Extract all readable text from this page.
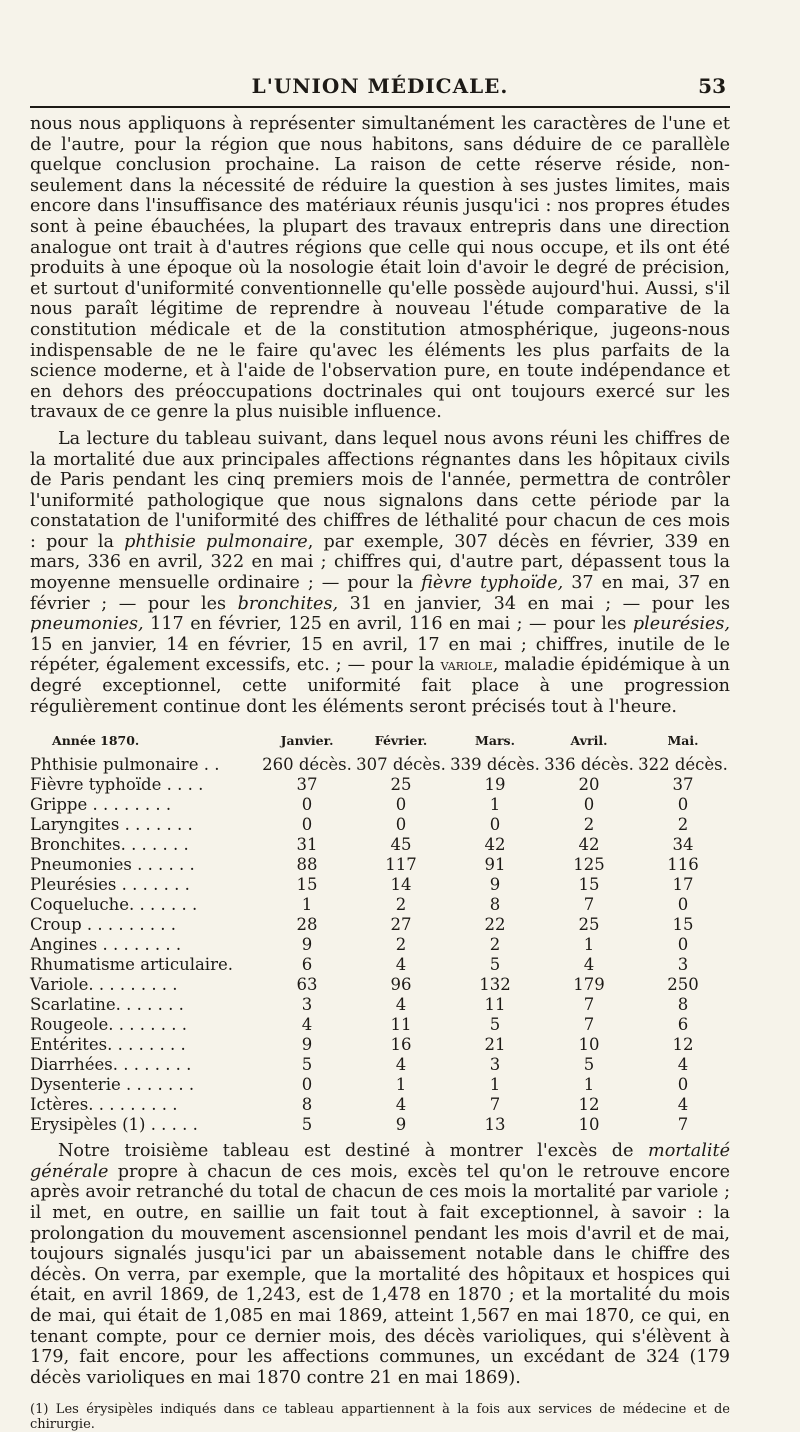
L'UNION MÉDICALE.	53

nous nous appliquons à représenter simultanément les caractères de l'une et de l'autre, pour la région que nous habitons, sans déduire de ce parallèle quelque conclusion prochaine. La raison de cette réserve réside, non-seulement dans la nécessité de réduire la question à ses justes limites, mais encore dans l'insuffisance des matériaux réunis jusqu'ici : nos propres études sont à peine ébauchées, la plupart des travaux entrepris dans une direction analogue ont trait à d'autres régions que celle qui nous occupe, et ils ont été produits à une époque où la nosologie était loin d'avoir le degré de précision, et surtout d'uniformité conventionnelle qu'elle possède aujourd'hui. Aussi, s'il nous paraît légitime de reprendre à nouveau l'étude comparative de la constitution médicale et de la constitution atmosphérique, jugeons-nous indispensable de ne le faire qu'avec les éléments les plus parfaits de la science moderne, et à l'aide de l'observation pure, en toute indépendance et en dehors des préoccupations doctrinales qui ont toujours exercé sur les travaux de ce genre la plus nuisible influence.

La lecture du tableau suivant, dans lequel nous avons réuni les chiffres de la mortalité due aux principales affections régnantes dans les hôpitaux civils de Paris pendant les cinq premiers mois de l'année, permettra de contrôler l'uniformité pathologique que nous signalons dans cette période par la constatation de l'uniformité des chiffres de léthalité pour chacun de ces mois : pour la phthisie pulmonaire, par exemple, 307 décès en février, 339 en mars, 336 en avril, 322 en mai ; chiffres qui, d'autre part, dépassent tous la moyenne mensuelle ordinaire ; — pour la fièvre typhoïde, 37 en mai, 37 en février ; — pour les bronchites, 31 en janvier, 34 en mai ; — pour les pneumonies, 117 en février, 125 en avril, 116 en mai ; — pour les pleurésies, 15 en janvier, 14 en février, 15 en avril, 17 en mai ; chiffres, inutile de le répéter, également excessifs, etc. ; — pour la variole, maladie épidémique à un degré exceptionnel, cette uniformité fait place à une progression régulièrement continue dont les éléments seront précisés tout à l'heure.

Année 1870.	Janvier.	Février.	Mars.	Avril.	Mai.
Phthisie pulmonaire . .	260 décès.	307 décès.	339 décès.	336 décès.	322 décès.
Fièvre typhoïde . . . .	37	25	19	20	37
Grippe . . . . . . . .	0	0	1	0	0
Laryngites . . . . . . .	0	0	0	2	2
Bronchites. . . . . . .	31	45	42	42	34
Pneumonies . . . . . .	88	117	91	125	116
Pleurésies . . . . . . .	15	14	9	15	17
Coqueluche. . . . . . .	1	2	8	7	0
Croup . . . . . . . . .	28	27	22	25	15
Angines . . . . . . . .	9	2	2	1	0
Rhumatisme articulaire.	6	4	5	4	3
Variole. . . . . . . . .	63	96	132	179	250
Scarlatine. . . . . . .	3	4	11	7	8
Rougeole. . . . . . . .	4	11	5	7	6
Entérites. . . . . . . .	9	16	21	10	12
Diarrhées. . . . . . . .	5	4	3	5	4
Dysenterie . . . . . . .	0	1	1	1	0
Ictères. . . . . . . . .	8	4	7	12	4
Erysipèles (1) . . . . .	5	9	13	10	7

Notre troisième tableau est destiné à montrer l'excès de mortalité générale propre à chacun de ces mois, excès tel qu'on le retrouve encore après avoir retranché du total de chacun de ces mois la mortalité par variole ; il met, en outre, en saillie un fait tout à fait exceptionnel, à savoir : la prolongation du mouvement ascensionnel pendant les mois d'avril et de mai, toujours signalés jusqu'ici par un abaissement notable dans le chiffre des décès. On verra, par exemple, que la mortalité des hôpitaux et hospices qui était, en avril 1869, de 1,243, est de 1,478 en 1870 ; et la mortalité du mois de mai, qui était de 1,085 en mai 1869, atteint 1,567 en mai 1870, ce qui, en tenant compte, pour ce dernier mois, des décès varioliques, qui s'élèvent à 179, fait encore, pour les affections communes, un excédant de 324 (179 décès varioliques en mai 1870 contre 21 en mai 1869).

(1) Les érysipèles indiqués dans ce tableau appartiennent à la fois aux services de médecine et de chirurgie.
